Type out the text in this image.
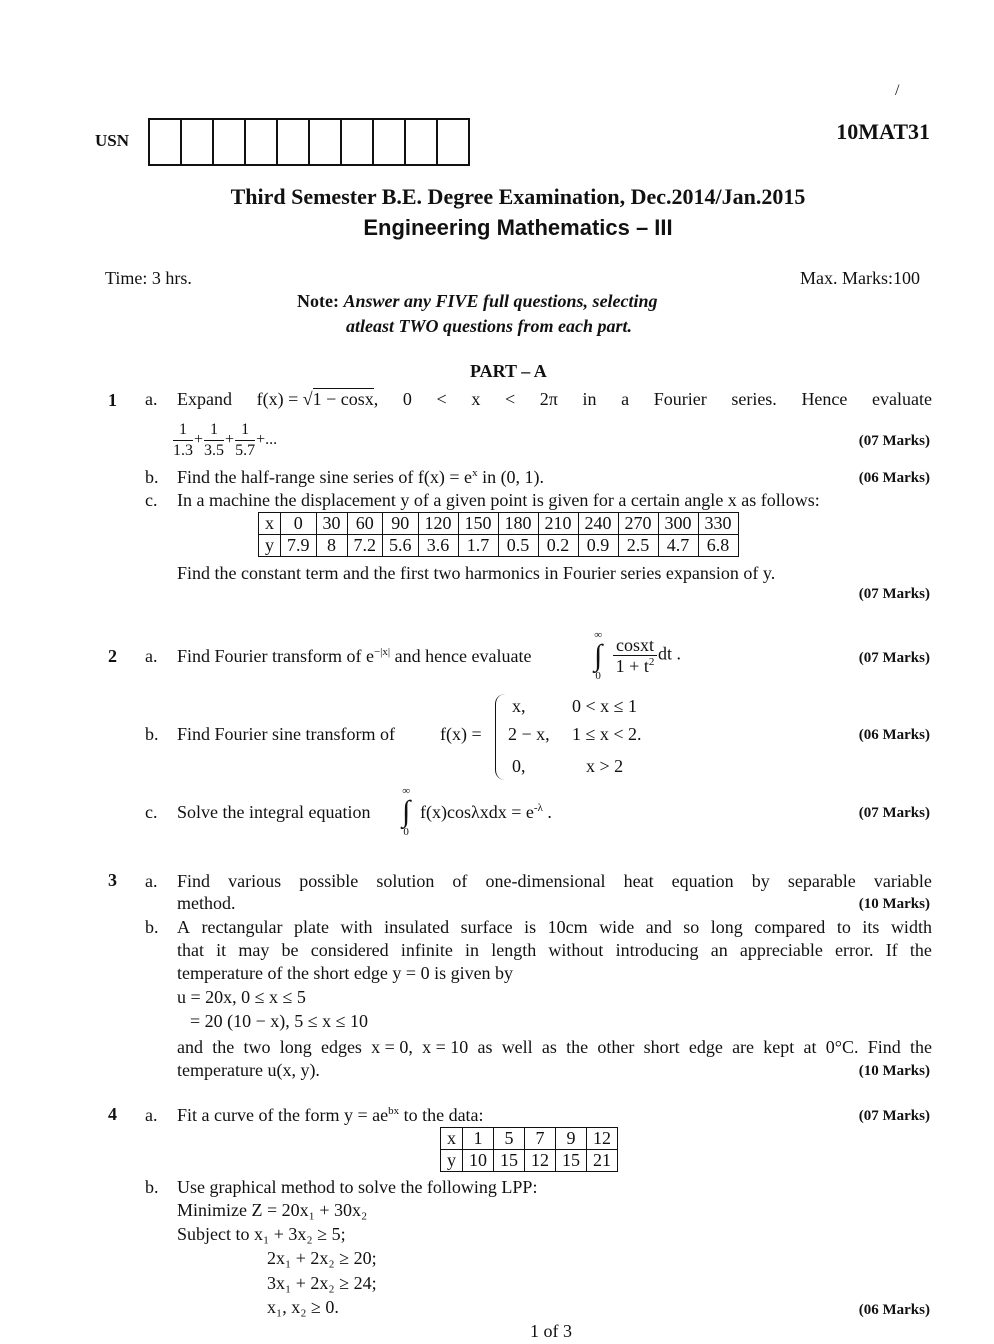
/
USN	10MAT31
Third Semester B.E. Degree Examination, Dec.2014/Jan.2015
Engineering Mathematics – III
Time: 3 hrs.	Max. Marks:100
Note: Answer any FIVE full questions, selecting
atleast TWO questions from each part.
PART – A
1 a. Expand f(x) = √1 − cosx, 0 < x < 2π in a Fourier series. Hence evaluate
$\frac{1}{1.3} + \frac{1}{3.5} + \frac{1}{5.7}$ +...	(07 Marks)
b. Find the half-range sine series of $f(x) = e^x$ in (0, 1).	(06 Marks)
c. In a machine the displacement y of a given point is given for a certain angle x as follows:
x	0	30	60	90	120	150	180	210	240	270	300	330
y	7.9	8	7.2	5.6	3.6	1.7	0.5	0.2	0.9	2.5	4.7	6.8
Find the constant term and the first two harmonics in Fourier series expansion of y.
(07 Marks)
2 a. Find Fourier transform of $e^{-|x|}$ and hence evaluate
∞
∫
$0 \frac{\text{cosxt}}{1 + t^2}$ dt .	(07 Marks)
b. Find Fourier sine transform of	f(x) =
x,	0 < x ≤ 1
2 − x, 1 ≤ x < 2.
0,	x > 2
(06 Marks)
c. Solve the integral equation
∞
∫
0
$f(x)\cos\lambda xdx = e^{-\lambda}$ .	(07 Marks)
3 a. Find various possible solution of one-dimensional heat equation by separable variable
method.	(10 Marks)
b. A rectangular plate with insulated surface is 10cm wide and so long compared to its width
that it may be considered infinite in length without introducing an appreciable error. If the
temperature of the short edge y = 0 is given by
u = 20x, 0 ≤ x ≤ 5
= 20 (10 − x), 5 ≤ x ≤ 10
and the two long edges x = 0, x = 10 as well as the other short edge are kept at 0°C. Find the
temperature u(x, y).	(10 Marks)
4 a. Fit a curve of the form $y = ae^{bx}$ to the data:	(07 Marks)
x	1	5	7	9	12
y	10	15	12	15	21
b. Use graphical method to solve the following LPP:
Minimize Z = 20x₁ + 30x₂
Subject to x₁ + 3x₂ ≥ 5;
2x₁ + 2x₂ ≥ 20;
3x₁ + 2x₂ ≥ 24;
x₁, x₂ ≥ 0.	(06 Marks)
1 of 3
